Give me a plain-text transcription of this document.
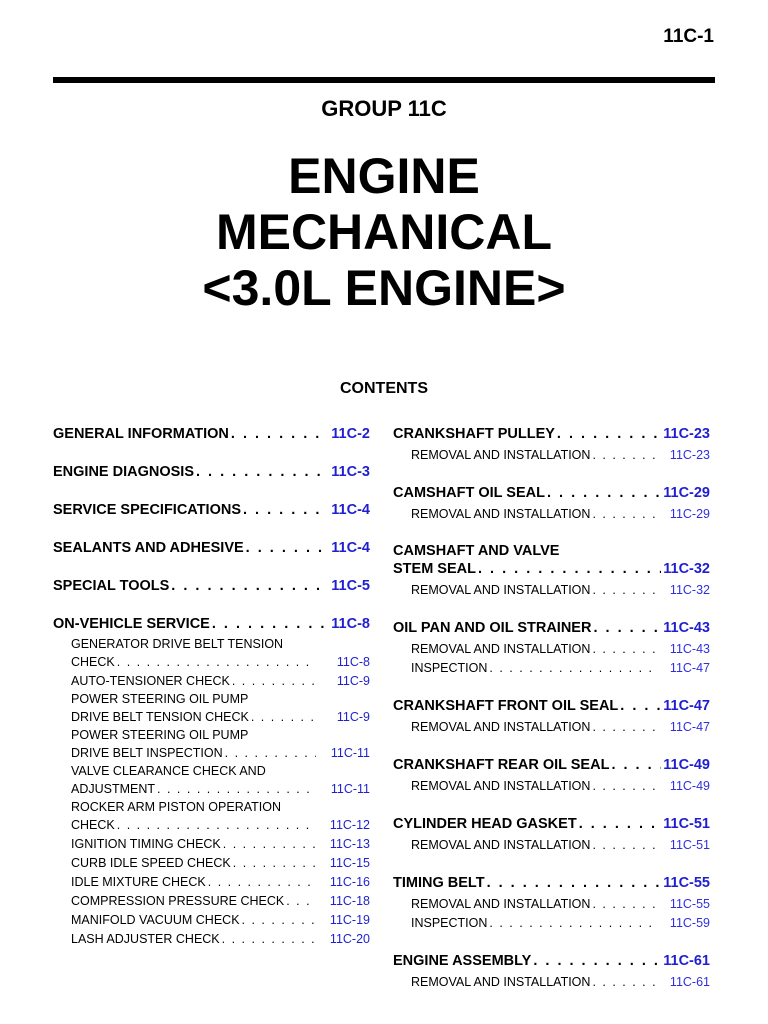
11C-1
GROUP 11C
ENGINE
MECHANICAL
<3.0L ENGINE>
CONTENTS
GENERAL INFORMATION . . .	11C-2
ENGINE DIAGNOSIS . . .	11C-3
SERVICE SPECIFICATIONS . . .	11C-4
SEALANTS AND ADHESIVE . . .	11C-4
SPECIAL TOOLS . . .	11C-5
ON-VEHICLE SERVICE . . .	11C-8
GENERATOR DRIVE BELT TENSION
CHECK . . .	11C-8
AUTO-TENSIONER CHECK . . .	11C-9
POWER STEERING OIL PUMP
DRIVE BELT TENSION CHECK . . .	11C-9
POWER STEERING OIL PUMP
DRIVE BELT INSPECTION . . .	11C-11
VALVE CLEARANCE CHECK AND
ADJUSTMENT . . .	11C-11
ROCKER ARM PISTON OPERATION
CHECK . . .	11C-12
IGNITION TIMING CHECK . . .	11C-13
CURB IDLE SPEED CHECK . . .	11C-15
IDLE MIXTURE CHECK . . .	11C-16
COMPRESSION PRESSURE CHECK . . .	11C-18
MANIFOLD VACUUM CHECK . . .	11C-19
LASH ADJUSTER CHECK . . .	11C-20
CRANKSHAFT PULLEY . . .	11C-23
REMOVAL AND INSTALLATION . . .	11C-23
CAMSHAFT OIL SEAL . . .	11C-29
REMOVAL AND INSTALLATION . . .	11C-29
CAMSHAFT AND VALVE
STEM SEAL . . .	11C-32
REMOVAL AND INSTALLATION . . .	11C-32
OIL PAN AND OIL STRAINER . . .	11C-43
REMOVAL AND INSTALLATION . . .	11C-43
INSPECTION . . .	11C-47
CRANKSHAFT FRONT OIL SEAL . . .	11C-47
REMOVAL AND INSTALLATION . . .	11C-47
CRANKSHAFT REAR OIL SEAL . . .	11C-49
REMOVAL AND INSTALLATION . . .	11C-49
CYLINDER HEAD GASKET . . .	11C-51
REMOVAL AND INSTALLATION . . .	11C-51
TIMING BELT . . .	11C-55
REMOVAL AND INSTALLATION . . .	11C-55
INSPECTION . . .	11C-59
ENGINE ASSEMBLY . . .	11C-61
REMOVAL AND INSTALLATION . . .	11C-61
